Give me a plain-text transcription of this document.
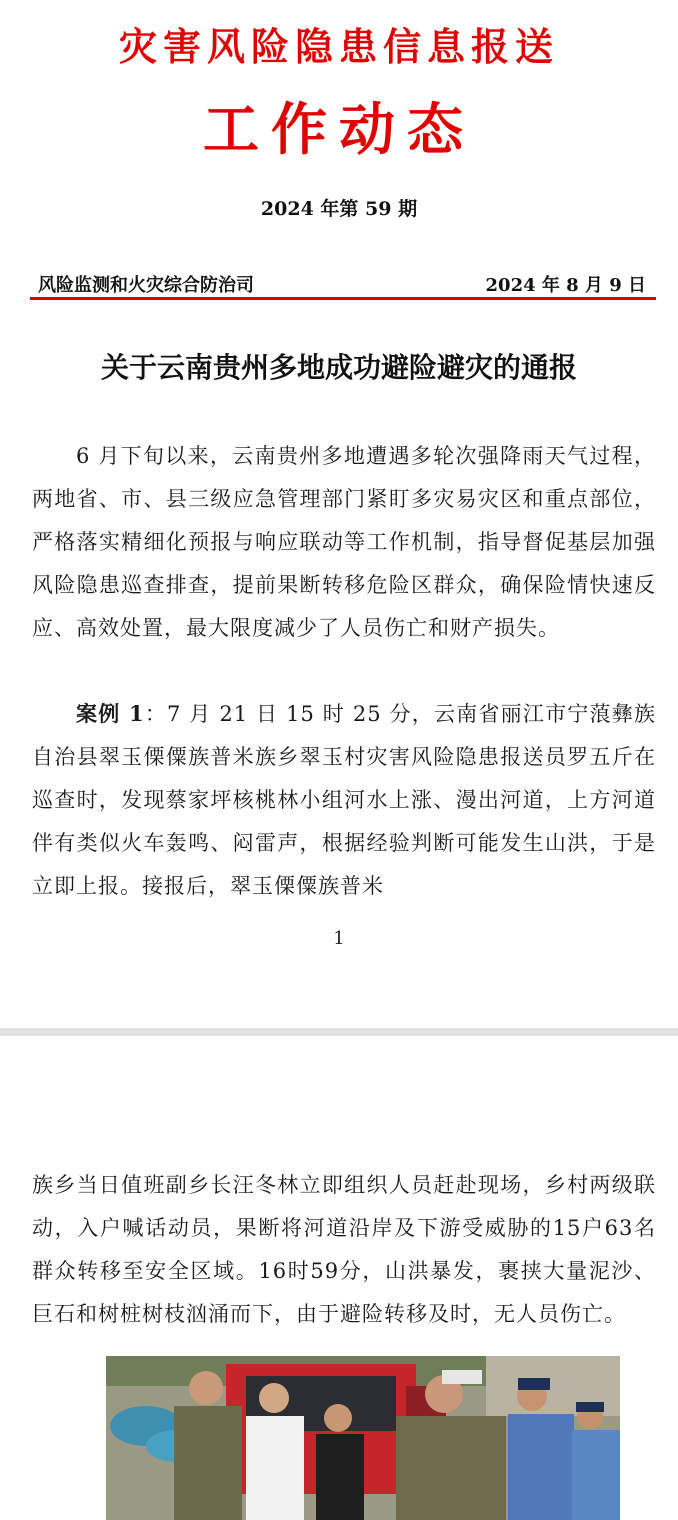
灾害风险隐患信息报送
工作动态
2024 年第 59 期
风险监测和火灾综合防治司	2024 年 8 月 9 日
关于云南贵州多地成功避险避灾的通报
6 月下旬以来，云南贵州多地遭遇多轮次强降雨天气过程，两地省、市、县三级应急管理部门紧盯多灾易灾区和重点部位，严格落实精细化预报与响应联动等工作机制，指导督促基层加强风险隐患巡查排查，提前果断转移危险区群众，确保险情快速反应、高效处置，最大限度减少了人员伤亡和财产损失。
案例 1：7 月 21 日 15 时 25 分，云南省丽江市宁蒗彝族自治县翠玉傈僳族普米族乡翠玉村灾害风险隐患报送员罗五斤在巡查时，发现蔡家坪核桃林小组河水上涨、漫出河道，上方河道伴有类似火车轰鸣、闷雷声，根据经验判断可能发生山洪，于是立即上报。接报后，翠玉傈僳族普米
1
族乡当日值班副乡长汪冬林立即组织人员赶赴现场，乡村两级联动，入户喊话动员，果断将河道沿岸及下游受威胁的15户63名群众转移至安全区域。16时59分，山洪暴发，裹挟大量泥沙、巨石和树桩树枝汹涌而下，由于避险转移及时，无人员伤亡。
